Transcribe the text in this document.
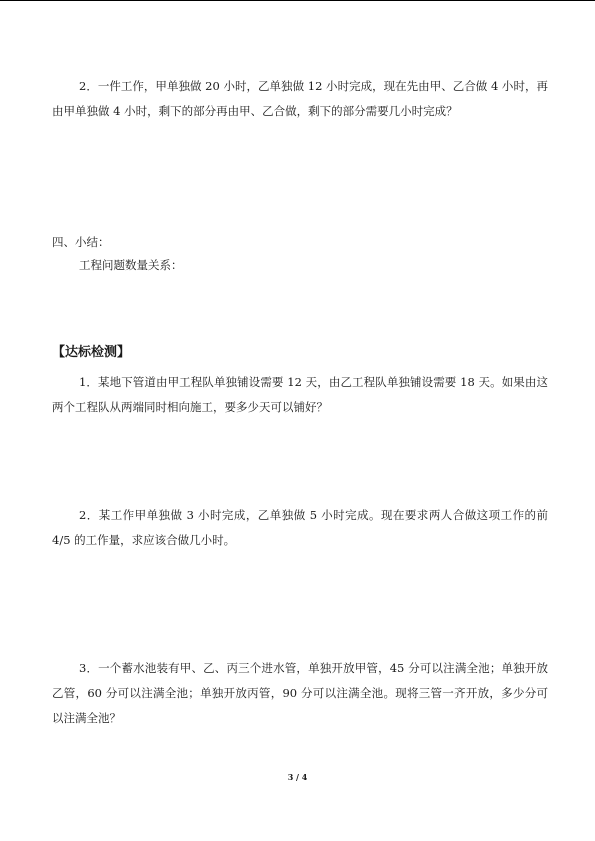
2．一件工作，甲单独做 20 小时，乙单独做 12 小时完成，现在先由甲、乙合做 4 小时，再由甲单独做 4 小时，剩下的部分再由甲、乙合做，剩下的部分需要几小时完成？

四、小结：

工程问题数量关系：

【达标检测】

1．某地下管道由甲工程队单独铺设需要 12 天，由乙工程队单独铺设需要 18 天。如果由这两个工程队从两端同时相向施工，要多少天可以铺好？

2．某工作甲单独做 3 小时完成，乙单独做 5 小时完成。现在要求两人合做这项工作的前 4/5 的工作量，求应该合做几小时。

3．一个蓄水池装有甲、乙、丙三个进水管，单独开放甲管，45 分可以注满全池；单独开放乙管，60 分可以注满全池；单独开放丙管，90 分可以注满全池。现将三管一齐开放，多少分可以注满全池？

3 / 4
